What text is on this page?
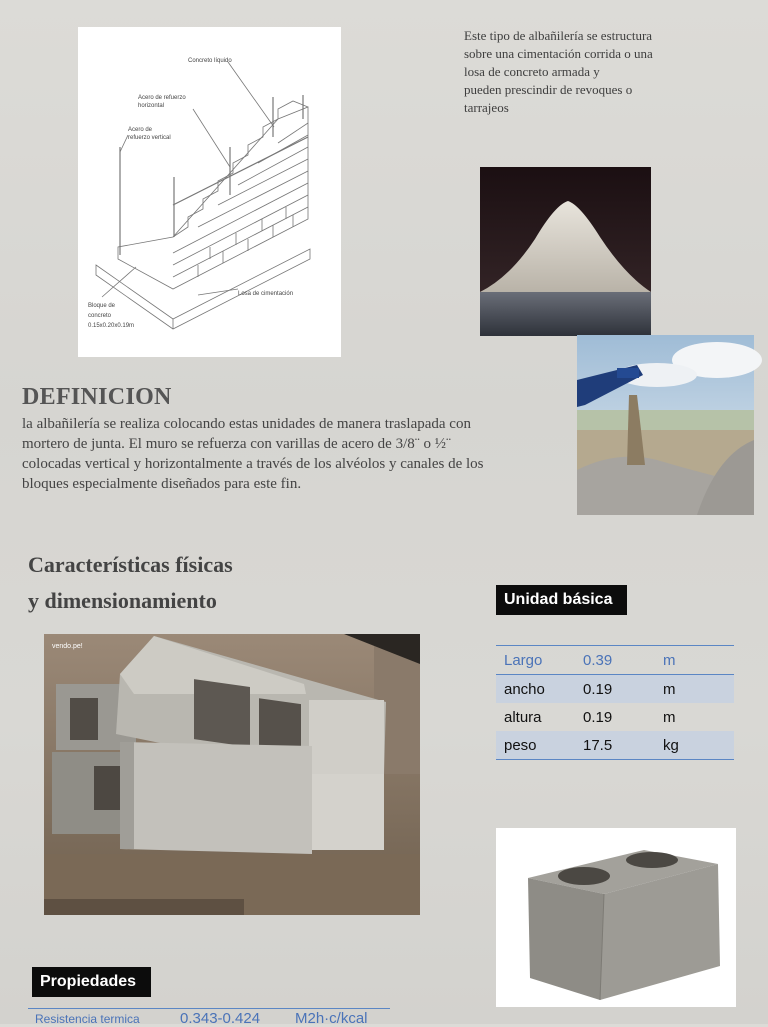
Concreto líquido
Acero de refuerzo
horizontal
Acero de
refuerzo vertical
Bloque de
concreto
0.15x0.20x0.19m
Losa de cimentación
Este tipo de albañilería se estructura
sobre una cimentación corrida o una
losa de concreto armada y
pueden prescindir de revoques o
tarrajeos
DEFINICION
la albañilería se realiza colocando estas unidades de manera traslapada con
mortero de junta. El muro se refuerza con varillas de acero de 3/8¨ o ½¨
colocadas vertical y horizontalmente a través de los alvéolos y canales de los
bloques especialmente diseñados para este fin.
Características físicas
y dimensionamiento
vendo.pe!
Unidad básica
Largo	0.39	m
ancho	0.19	m
altura	0.19	m
peso	17.5	kg
Propiedades
Resistencia termica	0.343-0.424 M2h·c/kcal
